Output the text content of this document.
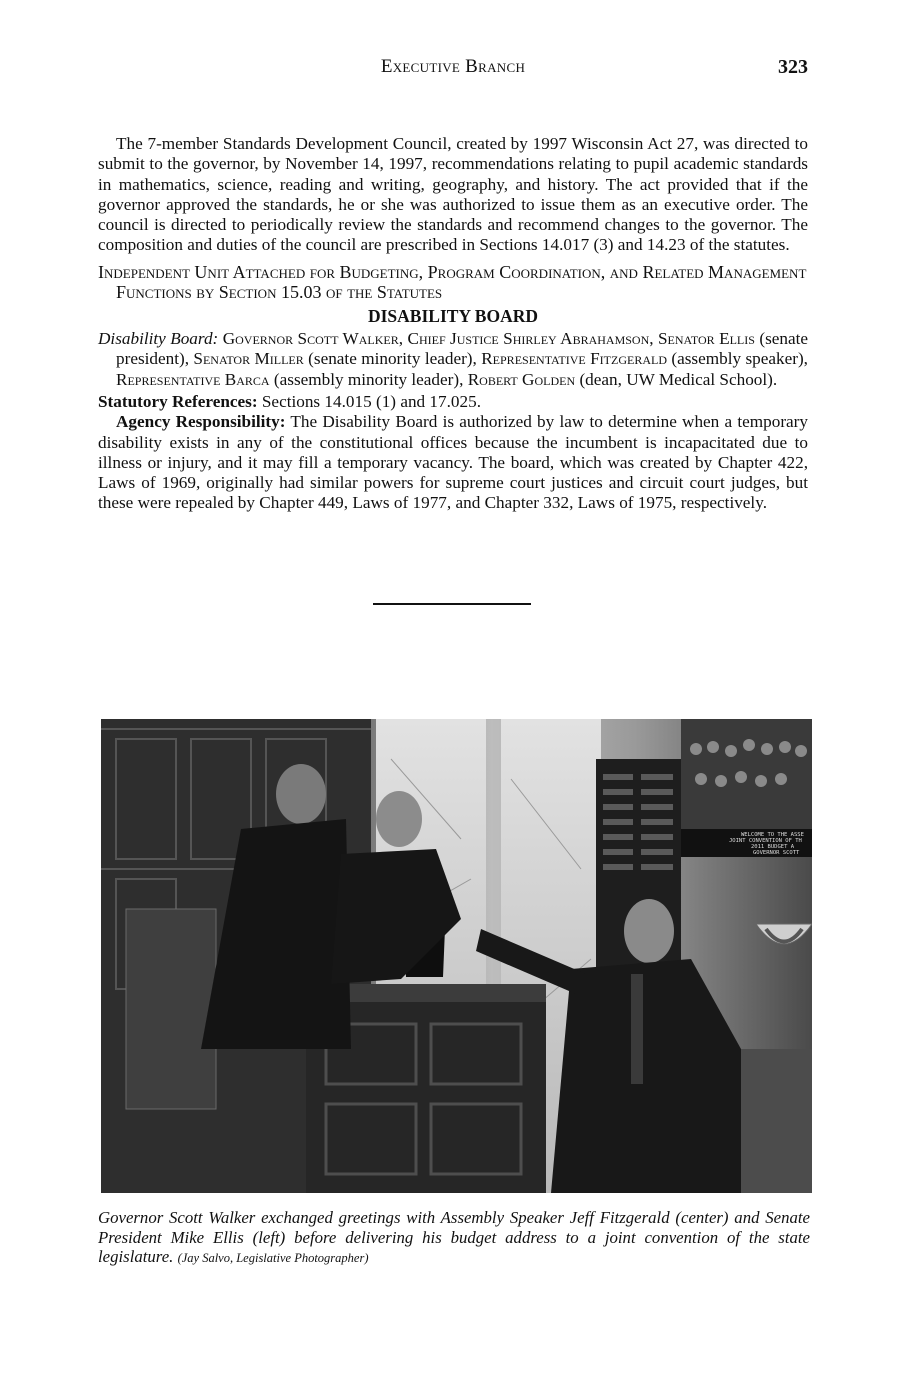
Executive Branch	323

The 7-member Standards Development Council, created by 1997 Wisconsin Act 27, was directed to submit to the governor, by November 14, 1997, recommendations relating to pupil academic standards in mathematics, science, reading and writing, geography, and history. The act provided that if the governor approved the standards, he or she was authorized to issue them as an executive order. The council is directed to periodically review the standards and recommend changes to the governor. The composition and duties of the council are prescribed in Sections 14.017 (3) and 14.23 of the statutes.

Independent Unit Attached for Budgeting, Program Coordination, and Related Management Functions by Section 15.03 of the Statutes
DISABILITY BOARD

Disability Board: Governor Scott Walker, Chief Justice Shirley Abrahamson, Senator Ellis (senate president), Senator Miller (senate minority leader), Representative Fitzgerald (assembly speaker), Representative Barca (assembly minority leader), Robert Golden (dean, UW Medical School).

Statutory References: Sections 14.015 (1) and 17.025.

Agency Responsibility: The Disability Board is authorized by law to determine when a temporary disability exists in any of the constitutional offices because the incumbent is incapacitated due to illness or injury, and it may fill a temporary vacancy. The board, which was created by Chapter 422, Laws of 1969, originally had similar powers for supreme court justices and circuit court judges, but these were repealed by Chapter 449, Laws of 1977, and Chapter 332, Laws of 1975, respectively.

WELCOME TO THE ASSE
JOINT CONVENTION OF TH
2011 BUDGET A
GOVERNOR SCOTT
Governor Scott Walker exchanged greetings with Assembly Speaker Jeff Fitzgerald (center) and Senate President Mike Ellis (left) before delivering his budget address to a joint convention of the state legislature. (Jay Salvo, Legislative Photographer)
